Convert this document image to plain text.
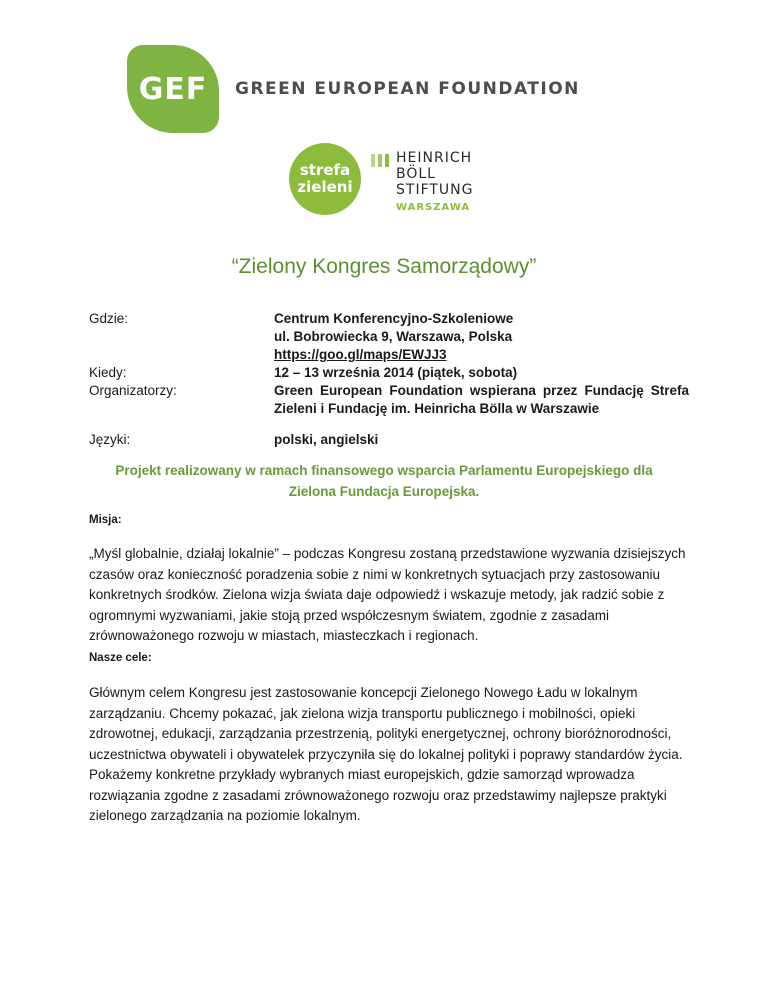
GEF GREEN EUROPEAN FOUNDATION
strefa
zieleni
HEINRICH
BÖLL
STIFTUNG
WARSZAWA
“Zielony Kongres Samorządowy”
Gdzie:	Centrum Konferencyjno-Szkoleniowe
ul. Bobrowiecka 9, Warszawa, Polska
https://goo.gl/maps/EWJJ3
Kiedy:	12 – 13 września 2014 (piątek, sobota)
Organizatorzy:	Green European Foundation wspierana przez Fundację Strefa Zieleni i Fundację im. Heinricha Bölla w Warszawie
Języki:	polski, angielski
Projekt realizowany w ramach finansowego wsparcia Parlamentu Europejskiego dla
Zielona Fundacja Europejska.
Misja:
„Myśl globalnie, działaj lokalnie” – podczas Kongresu zostaną przedstawione wyzwania dzisiejszych czasów oraz konieczność poradzenia sobie z nimi w konkretnych sytuacjach przy zastosowaniu konkretnych środków. Zielona wizja świata daje odpowiedź i wskazuje metody, jak radzić sobie z ogromnymi wyzwaniami, jakie stoją przed współczesnym światem, zgodnie z zasadami zrównoważonego rozwoju w miastach, miasteczkach i regionach.
Nasze cele:
Głównym celem Kongresu jest zastosowanie koncepcji Zielonego Nowego Ładu w lokalnym zarządzaniu. Chcemy pokazać, jak zielona wizja transportu publicznego i mobilności, opieki zdrowotnej, edukacji, zarządzania przestrzenią, polityki energetycznej, ochrony bioróżnorodności, uczestnictwa obywateli i obywatelek przyczyniła się do lokalnej polityki i poprawy standardów życia. Pokażemy konkretne przykłady wybranych miast europejskich, gdzie samorząd wprowadza rozwiązania zgodne z zasadami zrównoważonego rozwoju oraz przedstawimy najlepsze praktyki zielonego zarządzania na poziomie lokalnym.
